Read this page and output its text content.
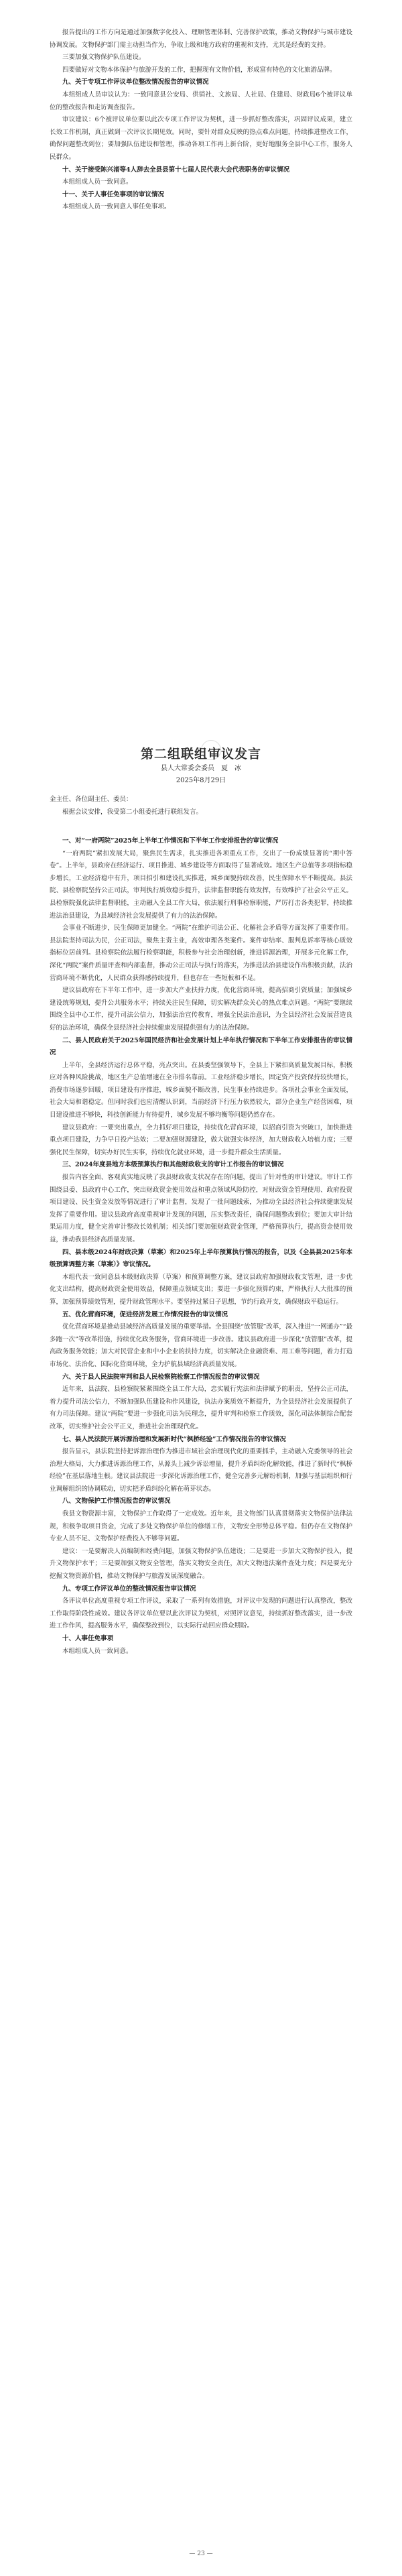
报告提出的工作方向是通过加强数字化投入、理顺管理体制、完善保护政策，推动文物保护与城市建设协调发展。文物保护部门需主动担当作为，争取上级和地方政府的重视和支持，尤其是经费的支持。

三要加强文物保护队伍建设。

四要做好对文物本体保护与旅游开发的工作，把握现有文物价值，形成富有特色的文化旅游品牌。

九、关于专项工作评议单位整改情况报告的审议情况

本组组成人员审议认为：一致同意县公安局、供销社、文旅局、人社局、住建局、财政局6个被评议单位的整改报告和走访调查报告。

审议建议：6个被评议单位要以此次专项工作评议为契机，进一步抓好整改落实，巩固评议成果，建立长效工作机制，真正做到一次评议长期见效。同时，要针对群众反映的热点难点问题，持续推进整改工作，确保问题整改到位；要加强队伍建设和管理，推动各项工作再上新台阶，更好地服务全县中心工作，服务人民群众。

十、关于接受陈兴渚等4人辞去全县县第十七届人民代表大会代表职务的审议情况

本组组成人员一致同意。

十一、关于人事任免事项的审议情况

本组组成人员一致同意人事任免事项。

第二组联组审议发言

县人大常委会委员　夏　冰

2025年8月29日

金主任、各位副主任、委员：

根据会议安排，我受第二小组委托进行联组发言。

一、对“一府两院”2025年上半年工作情况和下半年工作安排报告的审议情况

“一府两院”紧扣发展大局，聚焦民生需求，扎实推进各项重点工作，交出了一份成绩显著的“期中答卷”。上半年，县政府在经济运行、项目推进、城乡建设等方面取得了显著成效。地区生产总值等多项指标稳步增长，工业经济稳中有升，项目招引和建设扎实推进，城乡面貌持续改善，民生保障水平不断提高。县法院、县检察院坚持公正司法，审判执行质效稳步提升，法律监督职能有效发挥，有效维护了社会公平正义。县检察院强化法律监督职能，主动融入全县工作大局，依法履行刑事检察职能，严厉打击各类犯罪，持续推进法治县建设，为县域经济社会发展提供了有力的法治保障。

会事业不断进步，民生保障更加健全。“两院”在维护司法公正、化解社会矛盾等方面发挥了重要作用。县法院坚持司法为民，公正司法，聚焦主责主业，高效审理各类案件。案件审结率、服判息诉率等核心质效指标位居前列。县检察院依法履行检察职能，积极参与社会治理创新，推进诉源治理，开展多元化解工作，深化“两院”案件质量评查和内部监督，推动公正司法与执行的落实，为推进法治县建设作出积极贡献，法治营商环境不断优化，人民群众获得感持续提升，但也存在一些短板和不足。

建议县政府在下半年工作中，进一步加大产业扶持力度，优化营商环境，提高招商引资质量；加强城乡建设统筹规划，提升公共服务水平；持续关注民生保障，切实解决群众关心的热点难点问题。“两院”要继续围绕全县中心工作，提升司法公信力，加强法治宣传教育，增强全民法治意识，为全县经济社会发展营造良好的法治环境，确保全县经济社会持续健康发展提供强有力的法治保障。

二、县人民政府关于2025年国民经济和社会发展计划上半年执行情况和下半年工作安排报告的审议情况

上半年，全县经济运行总体平稳，亮点突出。在县委坚强领导下，全县上下紧扣高质量发展目标，积极应对各种风险挑战，地区生产总值增速在全市排名靠前。工业经济稳步增长，固定资产投资保持较快增长，消费市场逐步回暖，项目建设有序推进，城乡面貌不断改善，民生事业持续进步。各项社会事业全面发展，社会大局和谐稳定。但同时我们也应清醒认识到，当前经济下行压力依然较大，部分企业生产经营困难，项目建设推进不够快，科技创新能力有待提升，城乡发展不够均衡等问题仍然存在。

建议县政府：一要突出重点，全力抓好项目建设，持续优化营商环境，以招商引资为突破口，加快推进重点项目建设，力争早日投产达效；二要加强财源建设，做大做强实体经济，加大财政收入培植力度；三要强化民生保障，切实办好民生实事，持续优化就业环境，进一步提升群众生活质量。

三、2024年度县地方本级预算执行和其他财政收支的审计工作报告的审议情况

报告内容全面、客观真实地反映了我县财政收支状况存在的问题，提出了针对性的审计建议。审计工作围绕县委、县政府中心工作，突出财政资金使用效益和重点领域风险防控，对财政资金管理使用、政府投资项目建设、民生资金发放等情况进行了审计监督，发现了一批问题线索，为推动全县经济社会持续健康发展发挥了重要作用。建议县政府高度重视审计发现的问题，压实整改责任，确保问题整改到位；要加大审计结果运用力度，健全完善审计整改长效机制；相关部门要加强财政资金管理，严格预算执行，提高资金使用效益，推动我县经济高质量发展。

四、县本级2024年财政决算（草案）和2025年上半年预算执行情况的报告，以及《全县县2025年本级预算调整方案（草案）》审议情况。

本组代表一致同意县本级财政决算（草案）和预算调整方案，建议县政府加强财政收支管理，进一步优化支出结构，提高财政资金使用效益，保障重点领域支出；要进一步强化预算约束，严格执行人大批准的预算，加强预算绩效管理，提升财政管理水平。要坚持过紧日子思想，节约行政开支，确保财政平稳运行。

五、优化营商环境，促进经济发展工作情况报告的审议情况

优化营商环境是推动县域经济高质量发展的重要举措。全县围绕“放管服”改革，深入推进“一网通办”“最多跑一次”等改革措施，持续优化政务服务，营商环境进一步改善。建议县政府进一步深化“放管服”改革，提高政务服务效能；加大对民营企业和中小企业的扶持力度，切实解决企业融资难、用工难等问题，着力打造市场化、法治化、国际化营商环境，全力护航县域经济高质量发展。

六、关于县人民法院审判和县人民检察院检察工作情况报告的审议情况

近年来，县法院、县检察院紧紧围绕全县工作大局，忠实履行宪法和法律赋予的职责，坚持公正司法，着力提升司法公信力，不断加强队伍建设和作风建设，执法办案质效不断提升，为全县经济社会发展提供了有力司法保障。建议“两院”要进一步强化司法为民理念，提升审判和检察工作质效，深化司法体制综合配套改革，切实维护社会公平正义，推进社会治理现代化。

七、县人民法院开展诉源治理和发展新时代“枫桥经验”工作情况报告的审议情况

报告显示，县法院坚持把诉源治理作为推进市域社会治理现代化的重要抓手，主动融入党委领导的社会治理大格局，大力推进诉源治理工作，从源头上减少诉讼增量，提升矛盾纠纷化解效能，推进了新时代“枫桥经验”在基层落地生根。建议县法院进一步深化诉源治理工作，健全完善多元解纷机制，加强与基层组织和行业调解组织的协调联动，切实把矛盾纠纷化解在萌芽状态。

八、文物保护工作情况报告的审议情况

我县文物资源丰富，文物保护工作取得了一定成效。近年来，县文物部门认真贯彻落实文物保护法律法规，积极争取项目资金，完成了多处文物保护单位的修缮工作，文物安全形势总体平稳。但仍存在文物保护专业人员不足、文物保护经费投入不够等问题。

建议：一是要解决人员编制和经费问题，加强文物保护队伍建设；二是要进一步加大文物保护投入，提升文物保护水平；三是要加强文物安全管理，落实文物安全责任，加大文物违法案件查处力度；四是要充分挖掘文物资源价值，推动文物保护与旅游发展深度融合。

九、专项工作评议单位的整改情况报告审议情况

各评议单位高度重视专项工作评议，采取了一系列有效措施，对评议中发现的问题进行认真整改，整改工作取得阶段性成效。建议各评议单位要以此次评议为契机，对照评议意见，持续抓好整改落实，进一步改进工作作风，提高服务水平，确保整改到位，以实际行动回应群众期盼。

十、人事任免事项

本组组成人员一致同意。

— 23 —
